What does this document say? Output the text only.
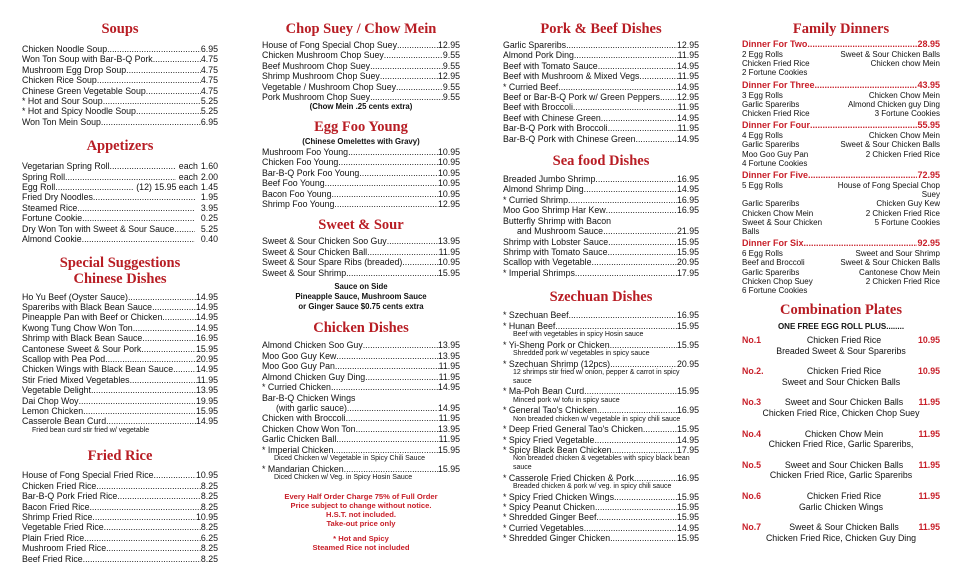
Soups
Chicken Noodle Soup .....	6.95
Won Ton Soup with Bar-B-Q Pork .....	4.75
Mushroom Egg Drop Soup .....	4.75
Chicken Rice Soup .....	4.75
Chinese Green Vegetable Soup .....	4.75
* Hot and Sour Soup .....	5.25
* Hot and Spicy Noodle Soup .....	5.25
Won Ton Mein Soup .....	6.95
Appetizers
Vegetarian Spring Roll .....	each 1.60
Spring Roll .....	each 2.00
Egg Roll .....	(12) 15.95 each 1.45
Fried Dry Noodles .....	1.95
Steamed Rice .....	3.95
Fortune Cookie .....	0.25
Dry Won Ton with Sweet & Sour Sauce .....	5.25
Almond Cookie .....	0.40
Special Suggestions
Chinese Dishes
Ho Yu Beef (Oyster Sauce) .....	14.95
Spareribs with Black Bean Sauce .....	14.95
Pineapple Pan with Beef or Chicken .....	14.95
Kwong Tung Chow Won Ton .....	14.95
Shrimp with Black Bean Sauce .....	16.95
Cantonese Sweet & Sour Pork .....	15.95
Scallop with Pea Pod .....	20.95
Chicken Wings with Black Bean Sauce .....	14.95
Stir Fried Mixed Vegetables .....	11.95
Vegetable Delight .....	13.95
Dai Chop Woy .....	19.95
Lemon Chicken .....	15.95
Casserole Bean Curd .....	14.95
Fried bean curd stir fried w/ vegetable
Fried Rice
House of Fong Special Fried Rice .....	10.95
Chicken Fried Rice .....	8.25
Bar-B-Q Pork Fried Rice .....	8.25
Bacon Fried Rice .....	8.25
Shrimp Fried Rice .....	10.95
Vegetable Fried Rice .....	8.25
Plain Fried Rice .....	6.25
Mushroom Fried Rice .....	8.25
Beef Fried Rice .....	8.25
Chop Suey / Chow Mein
House of Fong Special Chop Suey .....	12.95
Chicken Mushroom Chop Suey .....	9.55
Beef Mushroom Chop Suey .....	9.55
Shrimp Mushroom Chop Suey .....	12.95
Vegetable / Mushroom Chop Suey .....	9.55
Pork Mushroom Chop Suey .....	9.55
(Chow Mein .25 cents extra)
Egg Foo Young
(Chinese Omelettes with Gravy)
Mushroom Foo Young .....	10.95
Chicken Foo Young .....	10.95
Bar-B-Q Pork Foo Young .....	10.95
Beef Foo Young .....	10.95
Bacon Foo Young .....	10.95
Shrimp Foo Young .....	12.95
Sweet & Sour
Sweet & Sour Chicken Soo Guy .....	13.95
Sweet & Sour Chicken Ball .....	11.95
Sweet & Sour Spare Ribs (breaded) .....	10.95
Sweet & Sour Shrimp .....	15.95
Sauce on Side
Pineapple Sauce, Mushroom Sauce
or Ginger Sauce $0.75 cents extra
Chicken Dishes
Almond Chicken Soo Guy .....	13.95
Moo Goo Guy Kew .....	13.95
Moo Goo Guy Pan .....	11.95
Almond Chicken Guy Ding .....	11.95
* Curried Chicken .....	14.95
Bar-B-Q Chicken Wings
(with garlic sauce) .....	14.95
Chicken with Broccoli .....	11.95
Chicken Chow Won Ton .....	13.95
Garlic Chicken Ball .....	11.95
* Imperial Chicken .....	15.95
Diced Chicken w/ Vegetable in Spicy Chili Sauce
* Mandarian Chicken .....	15.95
Diced Chicken w/ Veg. in Spicy Hosin Sauce
Every Half Order Charge 75% of Full Order
Price subject to change without notice.
H.S.T. not included.
Take-out price only
* Hot and Spicy
Steamed Rice not included
Pork & Beef Dishes
Garlic Spareribs .....	12.95
Almond Pork Ding .....	11.95
Beef with Tomato Sauce .....	14.95
Beef with Mushroom & Mixed Vegs. .....	11.95
* Curried Beef .....	14.95
Beef or Bar-B-Q Pork w/ Green Peppers ..... 12.95
Beef with Broccoli .....	11.95
Beef with Chinese Green .....	14.95
Bar-B-Q Pork with Broccoli .....	11.95
Bar-B-Q Pork with Chinese Green .....	14.95
Sea food Dishes
Breaded Jumbo Shrimp .....	16.95
Almond Shrimp Ding .....	14.95
* Curried Shrimp .....	16.95
Moo Goo Shrimp Har Kew .....	16.95
Butterfly Shrimp with Bacon
and Mushroom Sauce .....	21.95
Shrimp with Lobster Sauce .....	15.95
Shrimp with Tomato Sauce .....	15.95
Scallop with Vegetable .....	20.95
* Imperial Shrimps .....	17.95
Szechuan Dishes
* Szechuan Beef .....	16.95
* Hunan Beef .....	15.95
Beef with vegetables in spicy Hosin sauce
* Yi-Sheng Pork or Chicken .....	15.95
Shredded pork w/ vegetables in spicy sauce
* Szechuan Shrimp (12pcs) .....	20.95
12 shrimps stir fried w/ onion, pepper & carrot in spicy sauce
* Ma-Poh Bean Curd .....	15.95
Minced pork w/ tofu in spicy sauce
* General Tao's Chicken .....	16.95
Non breaded chicken w/ vegetable in spicy chili sauce
* Deep Fried General Tao's Chicken .....	15.95
* Spicy Fried Vegetable .....	14.95
* Spicy Black Bean Chicken .....	17.95
Non breaded chicken & vegetables with spicy black bean sauce
* Casserole Fried Chicken & Pork .....	16.95
Breaded chicken & pork w/ veg. in spicy chili sauce
* Spicy Fried Chicken Wings .....	15.95
* Spicy Peanut Chicken .....	15.95
* Shredded Ginger Beef .....	15.95
* Curried Vegetables .....	14.95
* Shredded Ginger Chicken .....	15.95
Family Dinners
Dinner For Two .....	28.95
2 Egg Rolls	Sweet & Sour Chicken Balls
Chicken Fried Rice	Chicken chow Mein
2 Fortune Cookies
Dinner For Three .....	43.95
3 Egg Rolls	Chicken Chow Mein
Garlic Spareribs	Almond Chicken guy Ding
Chicken Fried Rice	3 Fortune Cookies
Dinner For Four .....	55.95
4 Egg Rolls	Chicken Chow Mein
Garlic Spareribs	Sweet & Sour Chicken Balls
Moo Goo Guy Pan	2 Chicken Fried Rice
4 Fortune Cookies
Dinner For Five .....	72.95
5 Egg Rolls	House of Fong Special Chop Suey
Garlic Spareribs	Chicken Guy Kew
Chicken Chow Mein	2 Chicken Fried Rice
Sweet & Sour Chicken Balls
5 Fortune Cookies
Dinner For Six .....	92.95
6 Egg Rolls	Sweet and Sour Shrimp
Beef and Broccoli	Sweet & Sour Chicken Balls
Garlic Spareribs	Cantonese Chow Mein
Chicken Chop Suey	2 Chicken Fried Rice
6 Fortune Cookies
Combination Plates
ONE FREE EGG ROLL PLUS........
No.1	Chicken Fried Rice	10.95
Breaded Sweet & Sour Spareribs
No.2.	Chicken Fried Rice	10.95
Sweet and Sour Chicken Balls
No.3	Sweet and Sour Chicken Balls	11.95
Chicken Fried Rice, Chicken Chop Suey
No.4	Chicken Chow Mein	11.95
Chicken Fried Rice, Garlic Spareribs,
No.5	Sweet and Sour Chicken Balls	11.95
Chicken Fried Rice, Garlic Spareribs
No.6	Chicken Fried Rice	11.95
Garlic Chicken Wings
No.7	Sweet & Sour Chicken Balls	11.95
Chicken Fried Rice, Chicken Guy Ding
